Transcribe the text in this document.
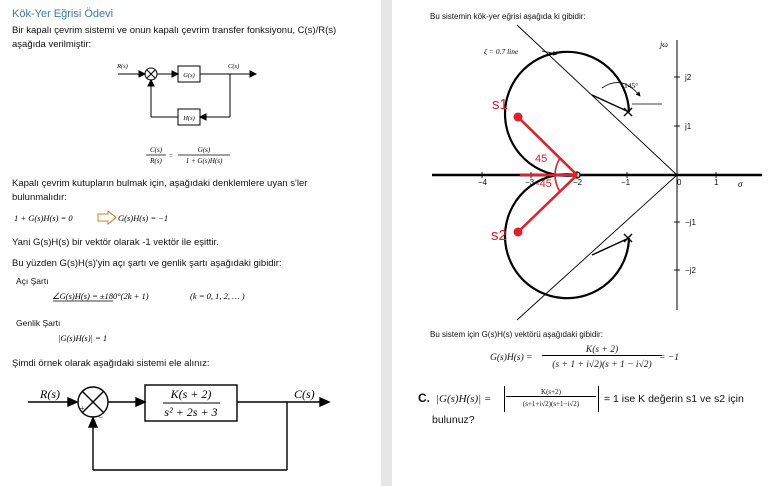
Kök-Yer Eğrisi Ödevi
Bir kapalı çevrim sistemi ve onun kapalı çevrim transfer fonksiyonu, C(s)/R(s)
aşağıda verilmiştir:
R(s)	C(s)
G(s)
H(s)
C(s)
R(s)
=
G(s)
1 + G(s)H(s)
1 + G(s)H(s) = 0	G(s)H(s) = −1
∠G(s)H(s) = ±180°(2k + 1)	(k = 0, 1, 2, … )
|G(s)H(s)| = 1
R(s)	C(s)
K(s + 2)
s² + 2s + 3
+
−
Kapalı çevrim kutupların bulmak için, aşağıdaki denklemlere uyan s'ler
bulunmalıdır:
Yani G(s)H(s) bir vektör olarak -1 vektör ile eşittir.
Bu yüzden G(s)H(s)'yin açı şartı ve genlik şartı aşağıdaki gibidir:
Açı Şartı
Genlik Şartı
Şimdi örnek olarak aşağıdaki sistemi ele alınız:
Bu sistemin kök-yer eğrisi aşağıda ki gibidir:
ζ = 0.7 line
145°
jω
σ
−4	−3	−2	−1	0	1
j2
j1
−j1
−j2
s1
s2
45
-45
Bu sistem için G(s)H(s) vektörü aşağıdaki gibidir:
G(s)H(s) =
K(s + 2)
(s + 1 + i√2)(s + 1 − i√2)
= −1
C. |G(s)H(s)| =
K(s+2)
(s+1+i√2)(s+1−i√2)	= 1 ise K değerin s1 ve s2 için
bulunuz?
